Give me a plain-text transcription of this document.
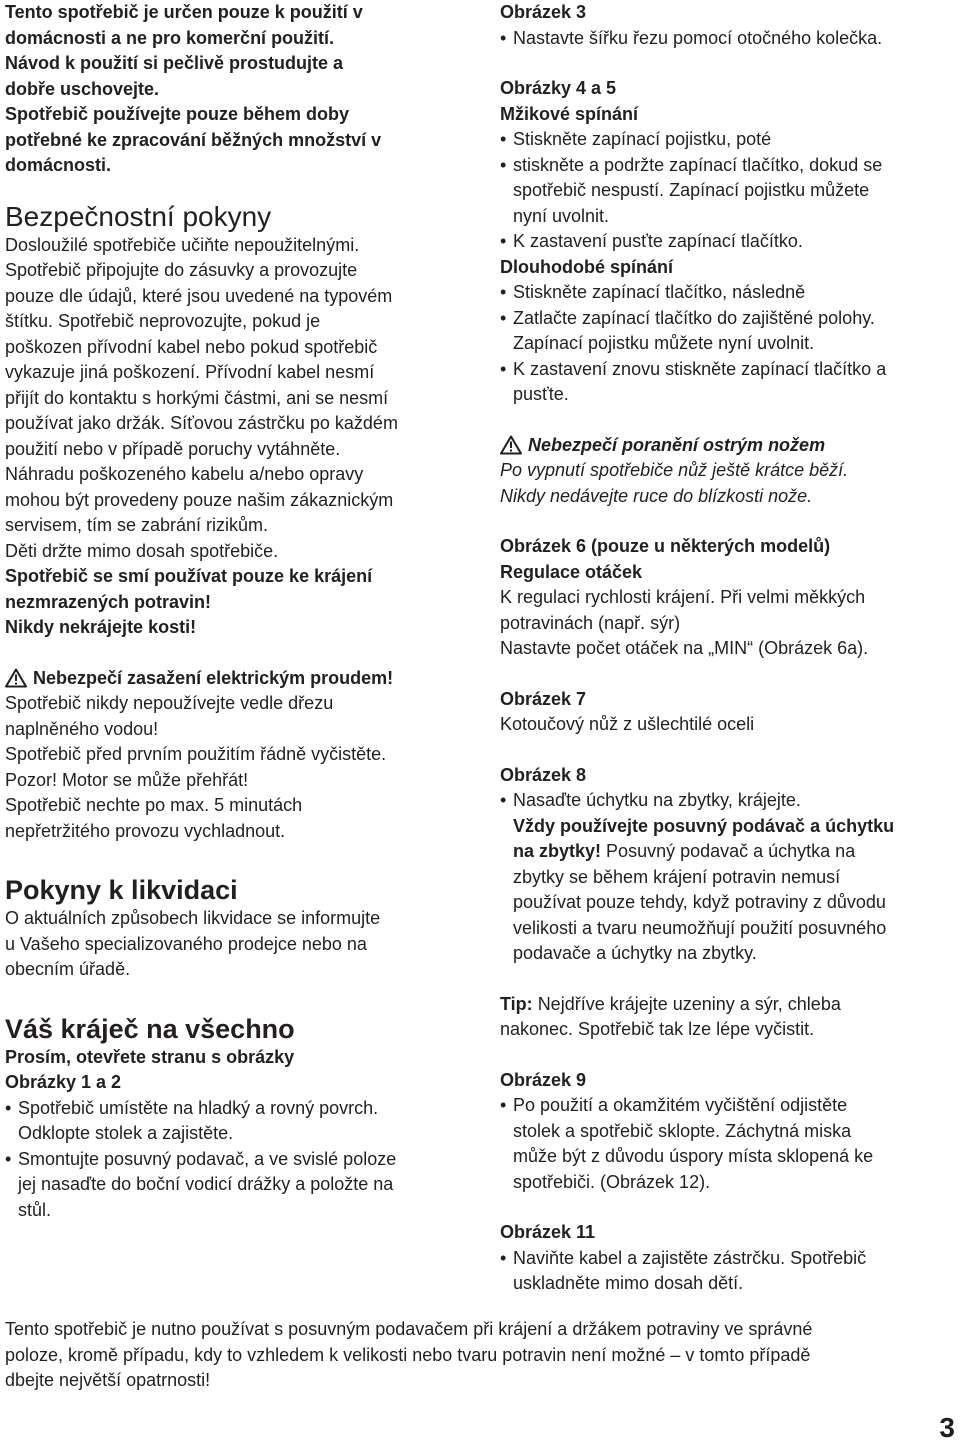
Tento spotřebič je určen pouze k použití v

domácnosti a ne pro komerční použití.

Návod k použití si pečlivě prostudujte a

dobře uschovejte.

Spotřebič používejte pouze během doby

potřebné ke zpracování běžných množství v

domácnosti.

Bezpečnostní pokyny

Dosloužilé spotřebiče učiňte nepoužitelnými.

Spotřebič připojujte do zásuvky a provozujte

pouze dle údajů, které jsou uvedené na typovém

štítku. Spotřebič neprovozujte, pokud je

poškozen přívodní kabel nebo pokud spotřebič

vykazuje jiná poškození. Přívodní kabel nesmí

přijít do kontaktu s horkými částmi, ani se nesmí

používat jako držák. Síťovou zástrčku po každém

použití nebo v případě poruchy vytáhněte.

Náhradu poškozeného kabelu a/nebo opravy

mohou být provedeny pouze našim zákaznickým

servisem, tím se zabrání rizikům.

Děti držte mimo dosah spotřebiče.

Spotřebič se smí používat pouze ke krájení

nezmrazených potravin!

Nikdy nekrájejte kosti!

Nebezpečí zasažení elektrickým proudem!

Spotřebič nikdy nepoužívejte vedle dřezu

naplněného vodou!

Spotřebič před prvním použitím řádně vyčistěte.

Pozor! Motor se může přehřát!

Spotřebič nechte po max. 5 minutách

nepřetržitého provozu vychladnout.

Pokyny k likvidaci

O aktuálních způsobech likvidace se informujte

u Vašeho specializovaného prodejce nebo na

obecním úřadě.

Váš kráječ na všechno

Prosím, otevřete stranu s obrázky

Obrázky 1 a 2

• Spotřebič umístěte na hladký a rovný povrch.

Odklopte stolek a zajistěte.

• Smontujte posuvný podavač, a ve svislé poloze

jej nasaďte do boční vodicí drážky a položte na

stůl.

Obrázek 3

• Nastavte šířku řezu pomocí otočného kolečka.

Obrázky 4 a 5

Mžikové spínání

• Stiskněte zapínací pojistku, poté

• stiskněte a podržte zapínací tlačítko, dokud se

spotřebič nespustí. Zapínací pojistku můžete

nyní uvolnit.

• K zastavení pusťte zapínací tlačítko.

Dlouhodobé spínání

• Stiskněte zapínací tlačítko, následně

• Zatlačte zapínací tlačítko do zajištěné polohy.

Zapínací pojistku můžete nyní uvolnit.

• K zastavení znovu stiskněte zapínací tlačítko a

pusťte.

Nebezpečí poranění ostrým nožem

Po vypnutí spotřebiče nůž ještě krátce běží.

Nikdy nedávejte ruce do blízkosti nože.

Obrázek 6 (pouze u některých modelů)

Regulace otáček

K regulaci rychlosti krájení. Při velmi měkkých

potravinách (např. sýr)

Nastavte počet otáček na „MIN“ (Obrázek 6a).

Obrázek 7

Kotoučový nůž z ušlechtilé oceli

Obrázek 8

• Nasaďte úchytku na zbytky, krájejte.

Vždy používejte posuvný podávač a úchytku

na zbytky! Posuvný podavač a úchytka na

zbytky se během krájení potravin nemusí

používat pouze tehdy, když potraviny z důvodu

velikosti a tvaru neumožňují použití posuvného

podavače a úchytky na zbytky.

Tip: Nejdříve krájejte uzeniny a sýr, chleba

nakonec. Spotřebič tak lze lépe vyčistit.

Obrázek 9

• Po použití a okamžitém vyčištění odjistěte

stolek a spotřebič sklopte. Záchytná miska

může být z důvodu úspory místa sklopená ke

spotřebiči. (Obrázek 12).

Obrázek 11

• Naviňte kabel a zajistěte zástrčku. Spotřebič

uskladněte mimo dosah dětí.

Tento spotřebič je nutno používat s posuvným podavačem při krájení a držákem potraviny ve správné

poloze, kromě případu, kdy to vzhledem k velikosti nebo tvaru potravin není možné – v tomto případě

dbejte největší opatrnosti!

3
